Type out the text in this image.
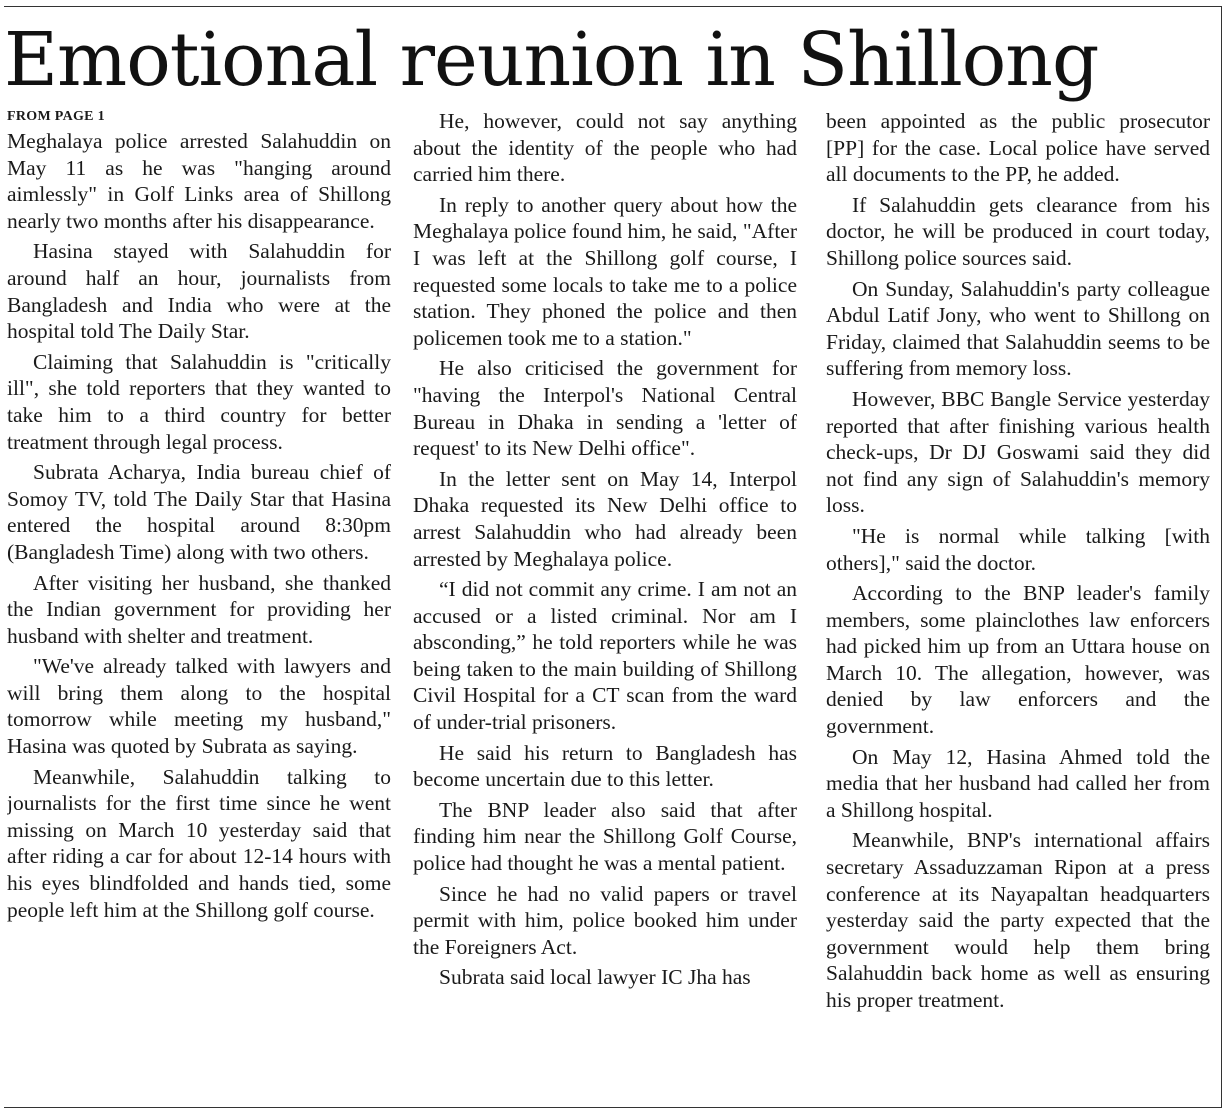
Emotional reunion in Shillong
FROM PAGE 1

Meghalaya police arrested Salahuddin on May 11 as he was "hanging around aimlessly" in Golf Links area of Shillong nearly two months after his disappearance.

Hasina stayed with Salahuddin for around half an hour, journalists from Bangladesh and India who were at the hospital told The Daily Star.

Claiming that Salahuddin is "critically ill", she told reporters that they wanted to take him to a third country for better treatment through legal process.

Subrata Acharya, India bureau chief of Somoy TV, told The Daily Star that Hasina entered the hospital around 8:30pm (Bangladesh Time) along with two others.

After visiting her husband, she thanked the Indian government for providing her husband with shelter and treatment.

"We've already talked with lawyers and will bring them along to the hospital tomorrow while meeting my husband," Hasina was quoted by Subrata as saying.

Meanwhile, Salahuddin talking to journalists for the first time since he went missing on March 10 yesterday said that after riding a car for about 12-14 hours with his eyes blindfolded and hands tied, some people left him at the Shillong golf course.

He, however, could not say anything about the identity of the people who had carried him there.

In reply to another query about how the Meghalaya police found him, he said, "After I was left at the Shillong golf course, I requested some locals to take me to a police station. They phoned the police and then policemen took me to a station."

He also criticised the government for "having the Interpol's National Central Bureau in Dhaka in sending a 'letter of request' to its New Delhi office".

In the letter sent on May 14, Interpol Dhaka requested its New Delhi office to arrest Salahuddin who had already been arrested by Meghalaya police.

“I did not commit any crime. I am not an accused or a listed criminal. Nor am I absconding,” he told reporters while he was being taken to the main building of Shillong Civil Hospital for a CT scan from the ward of under-trial prisoners.

He said his return to Bangladesh has become uncertain due to this letter.

The BNP leader also said that after finding him near the Shillong Golf Course, police had thought he was a mental patient.

Since he had no valid papers or travel permit with him, police booked him under the Foreigners Act.

Subrata said local lawyer IC Jha has

been appointed as the public prosecutor [PP] for the case. Local police have served all documents to the PP, he added.

If Salahuddin gets clearance from his doctor, he will be produced in court today, Shillong police sources said.

On Sunday, Salahuddin's party colleague Abdul Latif Jony, who went to Shillong on Friday, claimed that Salahuddin seems to be suffering from memory loss.

However, BBC Bangle Service yesterday reported that after finishing various health check-ups, Dr DJ Goswami said they did not find any sign of Salahuddin's memory loss.

"He is normal while talking [with others]," said the doctor.

According to the BNP leader's family members, some plainclothes law enforcers had picked him up from an Uttara house on March 10. The allegation, however, was denied by law enforcers and the government.

On May 12, Hasina Ahmed told the media that her husband had called her from a Shillong hospital.

Meanwhile, BNP's international affairs secretary Assaduzzaman Ripon at a press conference at its Nayapaltan headquarters yesterday said the party expected that the government would help them bring Salahuddin back home as well as ensuring his proper treatment.
